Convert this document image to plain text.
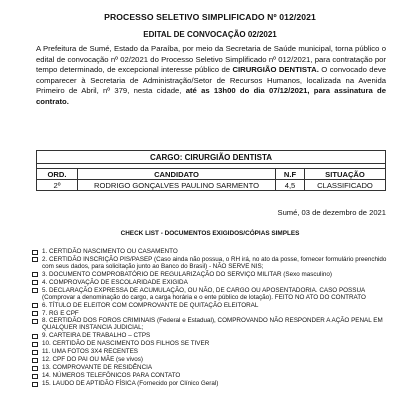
PROCESSO SELETIVO SIMPLIFICADO Nº 012/2021
EDITAL DE CONVOCAÇÃO 02/2021

A Prefeitura de Sumé, Estado da Paraíba, por meio da Secretaria de Saúde municipal, torna público o edital de convocação nº 02/2021 do Processo Seletivo Simplificado nº 012/2021, para contratação por tempo determinado, de excepcional interesse público de CIRURGIÃO DENTISTA. O convocado deve comparecer à Secretaria de Administração/Setor de Recursos Humanos, localizada na Avenida Primeiro de Abril, nº 379, nesta cidade, até as 13h00 do dia 07/12/2021, para assinatura de contrato.

CARGO: CIRURGIÃO DENTISTA			

ORD.	CANDIDATO	N.F	SITUAÇÃO
2º	RODRIGO GONÇALVES PAULINO SARMENTO	4,5	CLASSIFICADO
Sumé, 03 de dezembro de 2021
CHECK LIST - DOCUMENTOS EXIGIDOS/CÓPIAS SIMPLES
1. CERTIDÃO NASCIMENTO OU CASAMENTO
2. CERTIDÃO INSCRIÇÃO PIS/PASEP (Caso ainda não possua, o RH irá, no ato da posse, fornecer formulário preenchido com seus dados, para solicitação junto ao Banco do Brasil) - NÃO SERVE NIS;
3. DOCUMENTO COMPROBATÓRIO DE REGULARIZAÇÃO DO SERVIÇO MILITAR (Sexo masculino)
4. COMPROVAÇÃO DE ESCOLARIDADE EXIGIDA
5. DECLARAÇÃO EXPRESSA DE ACUMULAÇÃO, OU NÃO, DE CARGO OU APOSENTADORIA. CASO POSSUA (Comprovar a denominação do cargo, a carga horária e o ente público de lotação). FEITO NO ATO DO CONTRATO
6. TÍTULO DE ELEITOR COM COMPROVANTE DE QUITAÇÃO ELEITORAL
7. RG E CPF
8. CERTIDÃO DOS FOROS CRIMINAIS (Federal e Estadual), COMPROVANDO NÃO RESPONDER A AÇÃO PENAL EM QUALQUER INSTANCIA JUDICIAL;
9. CARTEIRA DE TRABALHO – CTPS
10. CERTIDÃO DE NASCIMENTO DOS FILHOS SE TIVER
11. UMA FOTOS 3X4 RECENTES
12. CPF DO PAI OU MÃE (se vivos)
13. COMPROVANTE DE RESIDÊNCIA
14. NÚMEROS TELEFÔNICOS PARA CONTATO
15. LAUDO DE APTIDÃO FÍSICA (Fornecido por Clínico Geral)
